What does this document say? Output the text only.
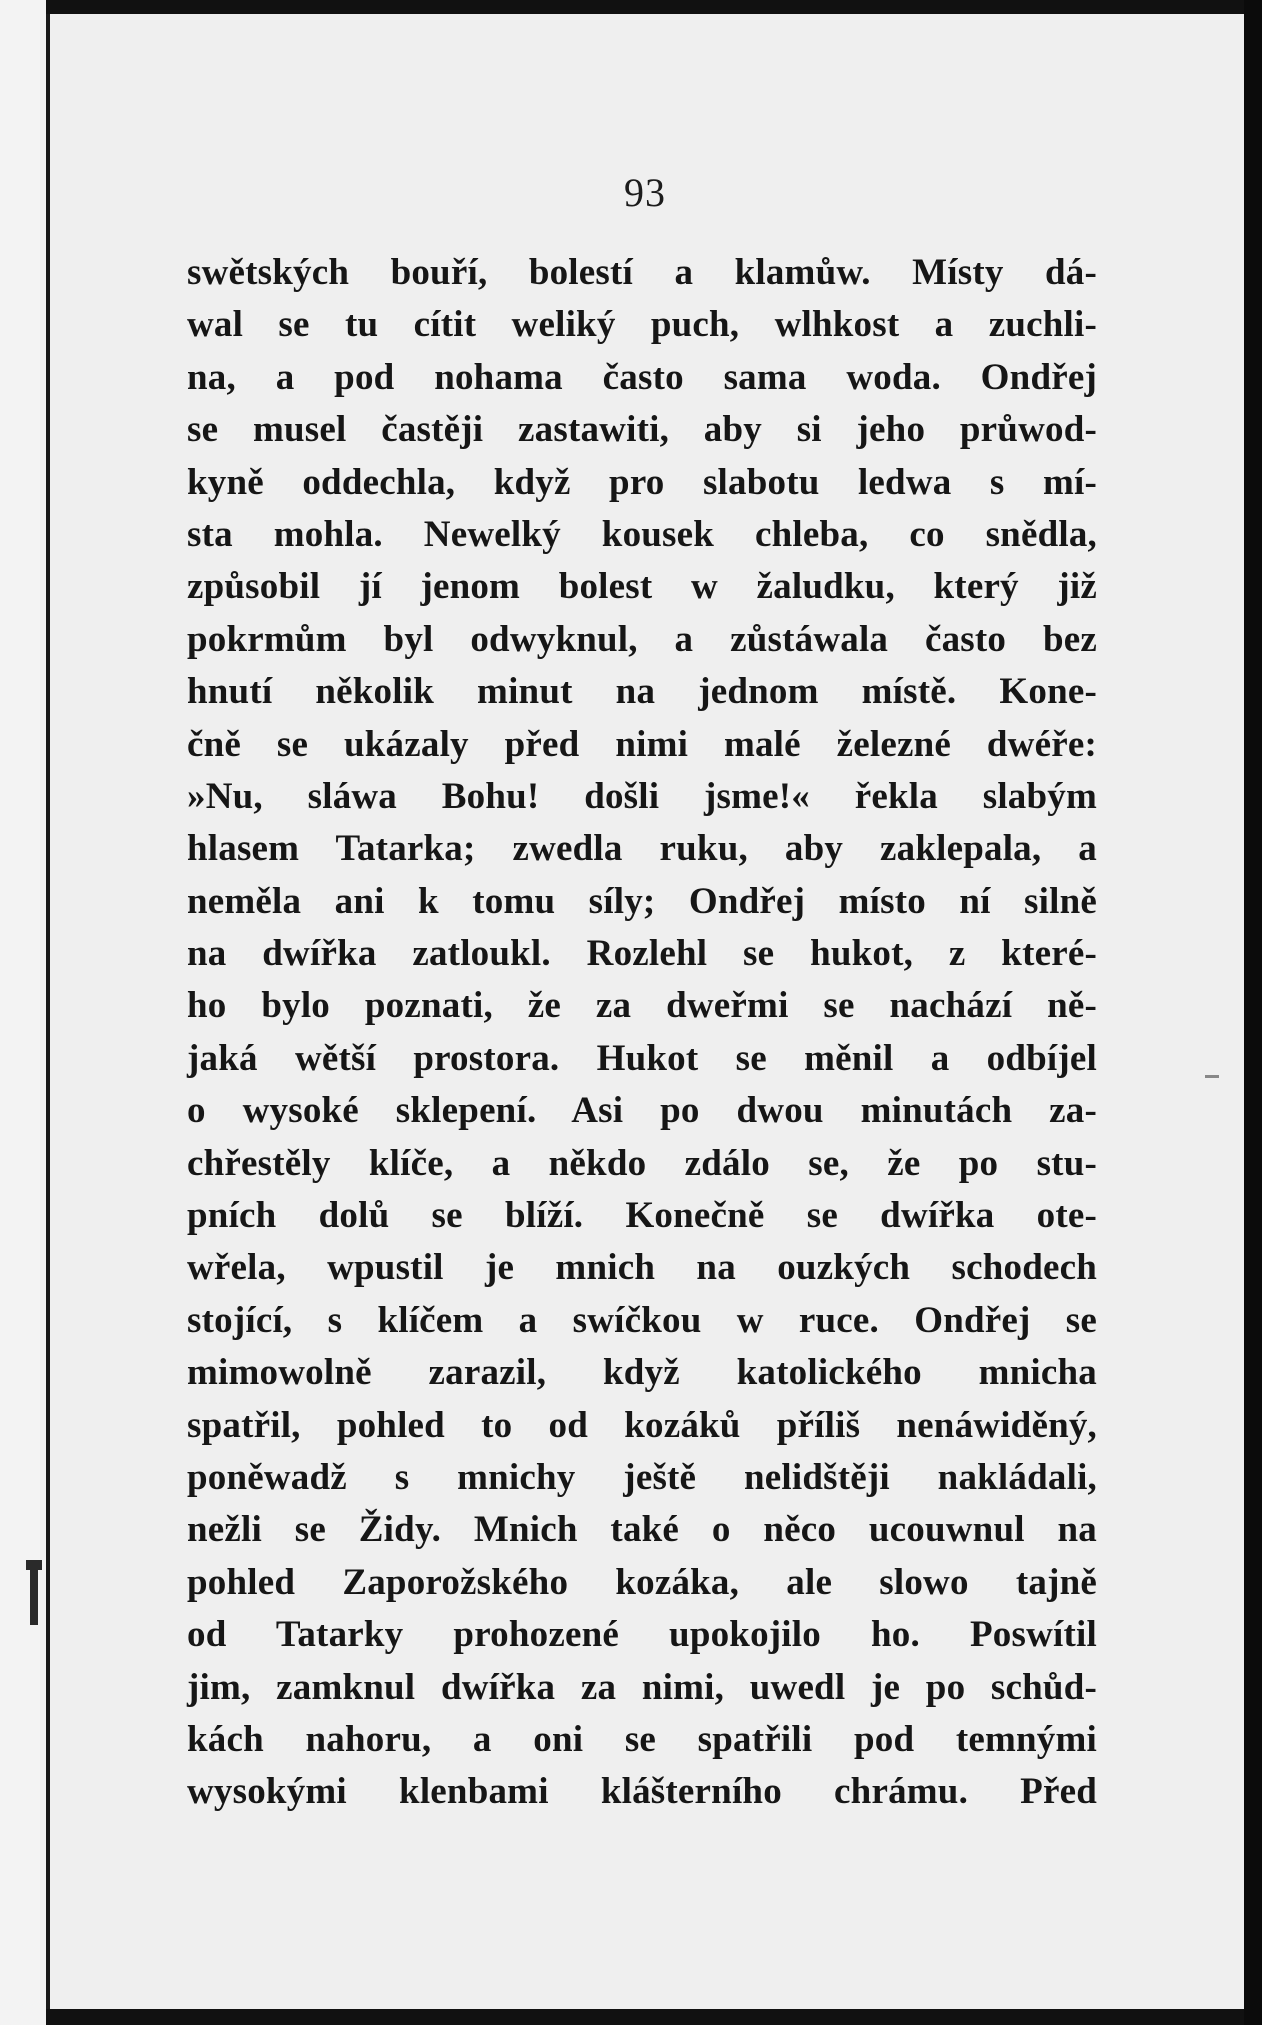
93
swětských bouří, bolestí a klamůw. Místy dá-
wal se tu cítit weliký puch, wlhkost a zuchli-
na, a pod nohama často sama woda. Ondřej
se musel častěji zastawiti, aby si jeho průwod-
kyně oddechla, když pro slabotu ledwa s mí-
sta mohla. Newelký kousek chleba, co snědla,
způsobil jí jenom bolest w žaludku, který již
pokrmům byl odwyknul, a zůstáwala často bez
hnutí několik minut na jednom místě. Kone-
čně se ukázaly před nimi malé železné dwéře:
»Nu, sláwa Bohu! došli jsme!« řekla slabým
hlasem Tatarka; zwedla ruku, aby zaklepala, a
neměla ani k tomu síly; Ondřej místo ní silně
na dwířka zatloukl. Rozlehl se hukot, z které-
ho bylo poznati, že za dweřmi se nachází ně-
jaká wětší prostora. Hukot se měnil a odbíjel
o wysoké sklepení. Asi po dwou minutách za-
chřestěly klíče, a někdo zdálo se, že po stu-
pních dolů se blíží. Konečně se dwířka ote-
wřela, wpustil je mnich na ouzkých schodech
stojící, s klíčem a swíčkou w ruce. Ondřej se
mimowolně zarazil, když katolického mnicha
spatřil, pohled to od kozáků příliš nenáwiděný,
poněwadž s mnichy ještě nelidštěji nakládali,
nežli se Židy. Mnich také o něco ucouwnul na
pohled Zaporožského kozáka, ale slowo tajně
od Tatarky prohozené upokojilo ho. Poswítil
jim, zamknul dwířka za nimi, uwedl je po schůd-
kách nahoru, a oni se spatřili pod temnými
wysokými klenbami klášterního chrámu. Před
